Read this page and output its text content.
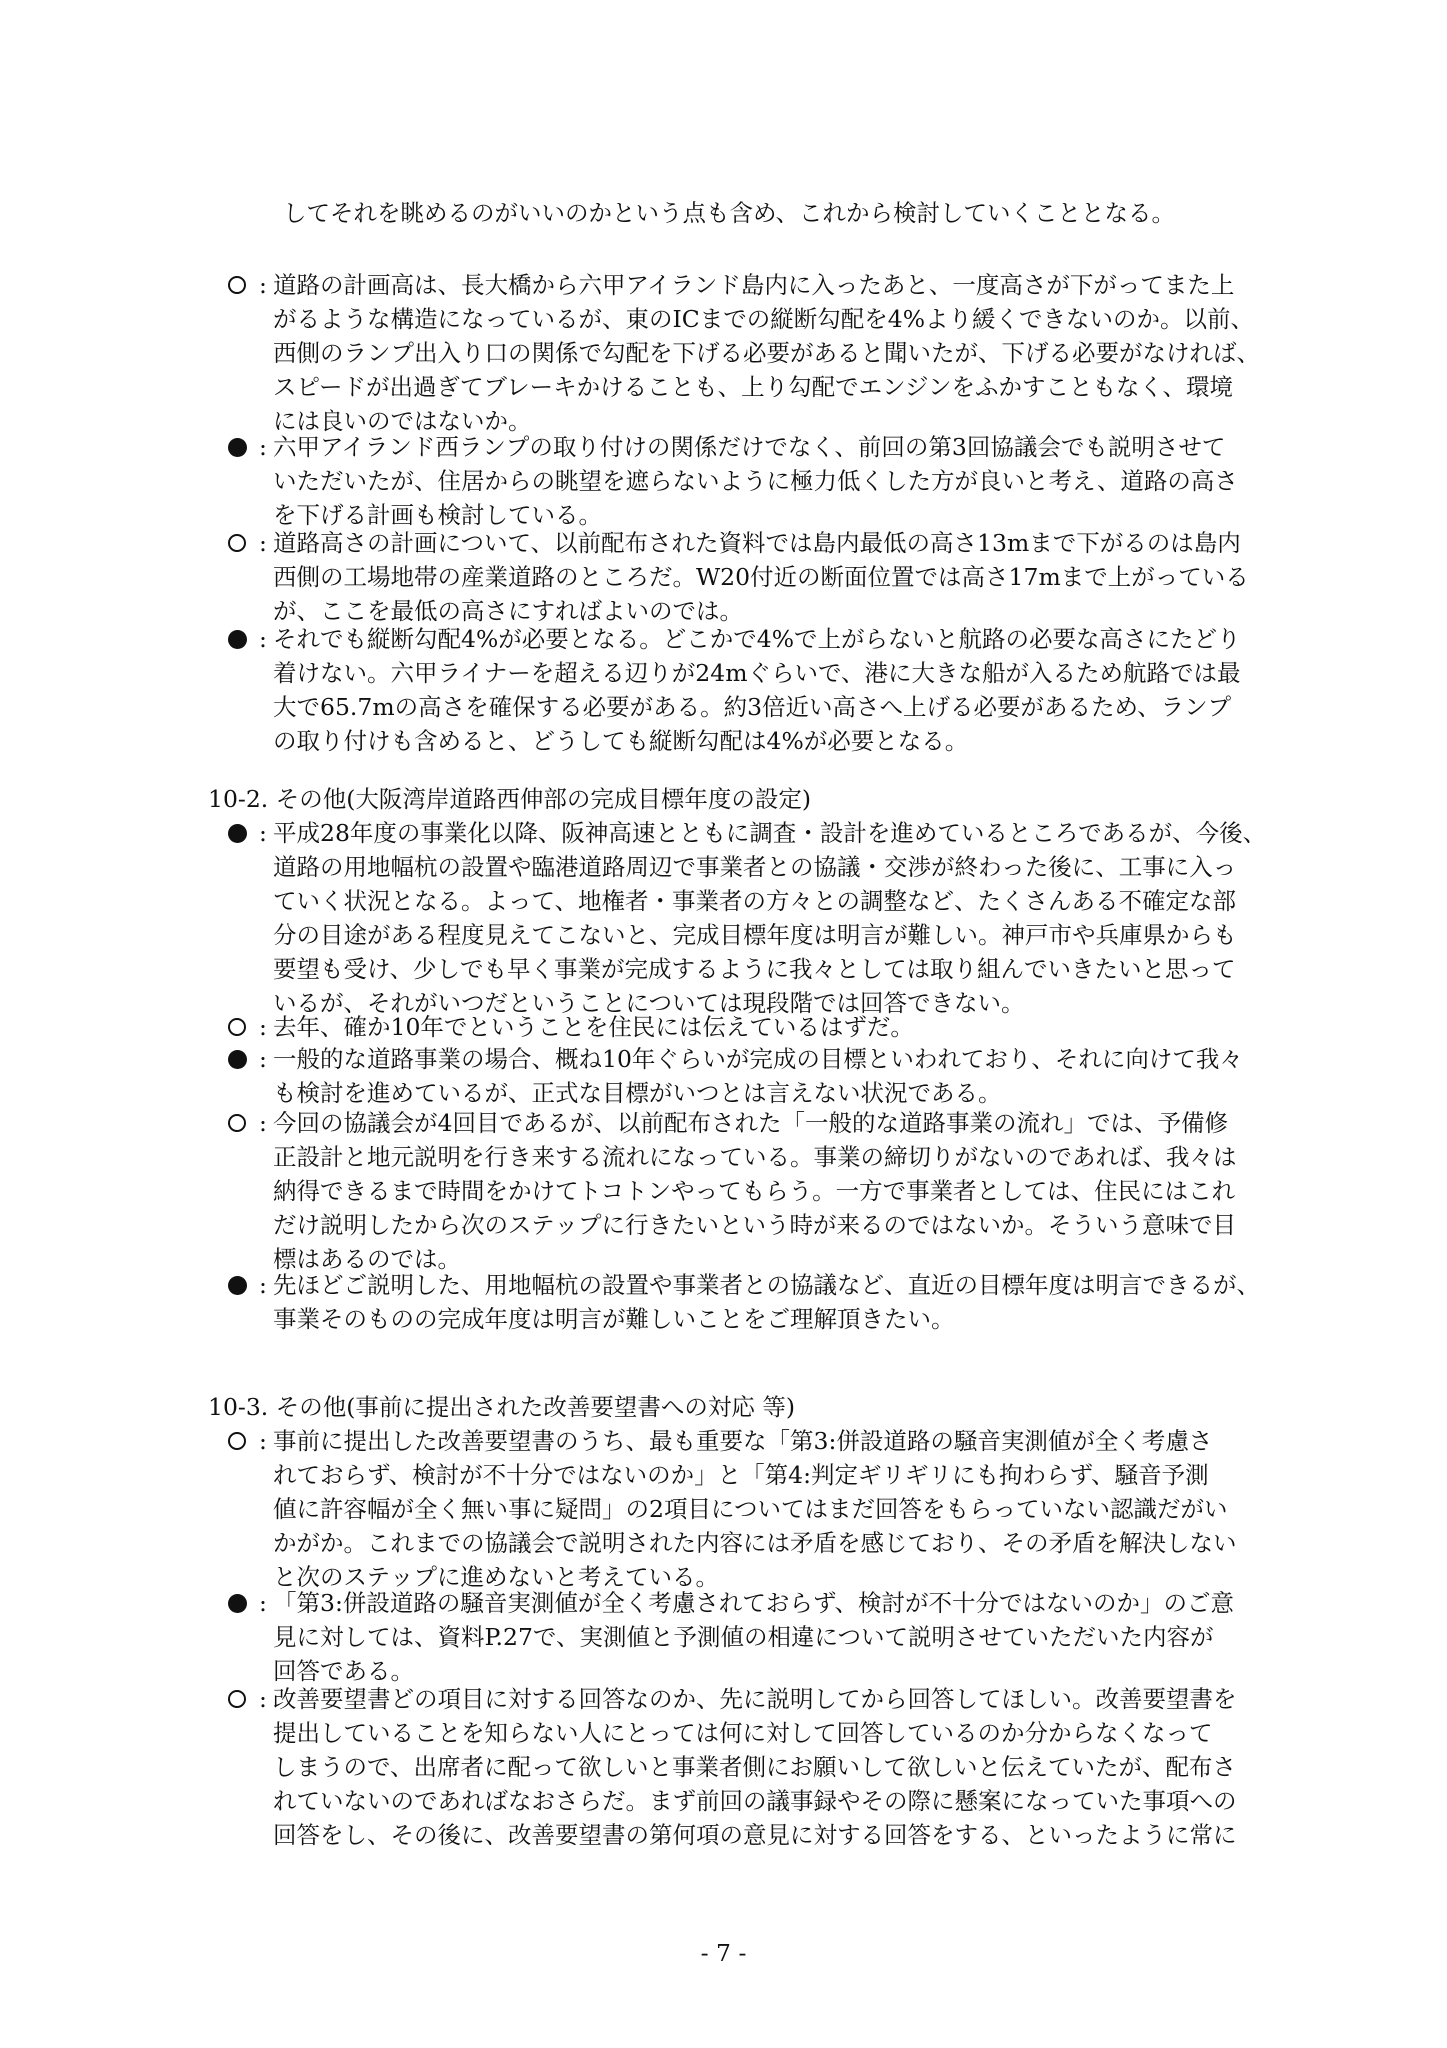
してそれを眺めるのがいいのかという点も含め、これから検討していくこととなる。
: 道路の計画高は、長大橋から六甲アイランド島内に入ったあと、一度高さが下がってまた上
がるような構造になっているが、東のICまでの縦断勾配を4%より緩くできないのか。以前、
西側のランプ出入り口の関係で勾配を下げる必要があると聞いたが、下げる必要がなければ、
スピードが出過ぎてブレーキかけることも、上り勾配でエンジンをふかすこともなく、環境
には良いのではないか。
: 六甲アイランド西ランプの取り付けの関係だけでなく、前回の第3回協議会でも説明させて
いただいたが、住居からの眺望を遮らないように極力低くした方が良いと考え、道路の高さ
を下げる計画も検討している。
: 道路高さの計画について、以前配布された資料では島内最低の高さ13mまで下がるのは島内
西側の工場地帯の産業道路のところだ。W20付近の断面位置では高さ17mまで上がっている
が、ここを最低の高さにすればよいのでは。
: それでも縦断勾配4%が必要となる。どこかで4%で上がらないと航路の必要な高さにたどり
着けない。六甲ライナーを超える辺りが24mぐらいで、港に大きな船が入るため航路では最
大で65.7mの高さを確保する必要がある。約3倍近い高さへ上げる必要があるため、ランプ
の取り付けも含めると、どうしても縦断勾配は4%が必要となる。
10-2. その他(大阪湾岸道路西伸部の完成目標年度の設定)
: 平成28年度の事業化以降、阪神高速とともに調査・設計を進めているところであるが、今後、
道路の用地幅杭の設置や臨港道路周辺で事業者との協議・交渉が終わった後に、工事に入っ
ていく状況となる。よって、地権者・事業者の方々との調整など、たくさんある不確定な部
分の目途がある程度見えてこないと、完成目標年度は明言が難しい。神戸市や兵庫県からも
要望も受け、少しでも早く事業が完成するように我々としては取り組んでいきたいと思って
いるが、それがいつだということについては現段階では回答できない。
: 去年、確か10年でということを住民には伝えているはずだ。
: 一般的な道路事業の場合、概ね10年ぐらいが完成の目標といわれており、それに向けて我々
も検討を進めているが、正式な目標がいつとは言えない状況である。
: 今回の協議会が4回目であるが、以前配布された「一般的な道路事業の流れ」では、予備修
正設計と地元説明を行き来する流れになっている。事業の締切りがないのであれば、我々は
納得できるまで時間をかけてトコトンやってもらう。一方で事業者としては、住民にはこれ
だけ説明したから次のステップに行きたいという時が来るのではないか。そういう意味で目
標はあるのでは。
: 先ほどご説明した、用地幅杭の設置や事業者との協議など、直近の目標年度は明言できるが、
事業そのものの完成年度は明言が難しいことをご理解頂きたい。
10-3. その他(事前に提出された改善要望書への対応 等)
: 事前に提出した改善要望書のうち、最も重要な「第3:併設道路の騒音実測値が全く考慮さ
れておらず、検討が不十分ではないのか」と「第4:判定ギリギリにも拘わらず、騒音予測
値に許容幅が全く無い事に疑問」の2項目についてはまだ回答をもらっていない認識だがい
かがか。これまでの協議会で説明された内容には矛盾を感じており、その矛盾を解決しない
と次のステップに進めないと考えている。
: 「第3:併設道路の騒音実測値が全く考慮されておらず、検討が不十分ではないのか」のご意
見に対しては、資料P.27で、実測値と予測値の相違について説明させていただいた内容が
回答である。
: 改善要望書どの項目に対する回答なのか、先に説明してから回答してほしい。改善要望書を
提出していることを知らない人にとっては何に対して回答しているのか分からなくなって
しまうので、出席者に配って欲しいと事業者側にお願いして欲しいと伝えていたが、配布さ
れていないのであればなおさらだ。まず前回の議事録やその際に懸案になっていた事項への
回答をし、その後に、改善要望書の第何項の意見に対する回答をする、といったように常に
- 7 -
